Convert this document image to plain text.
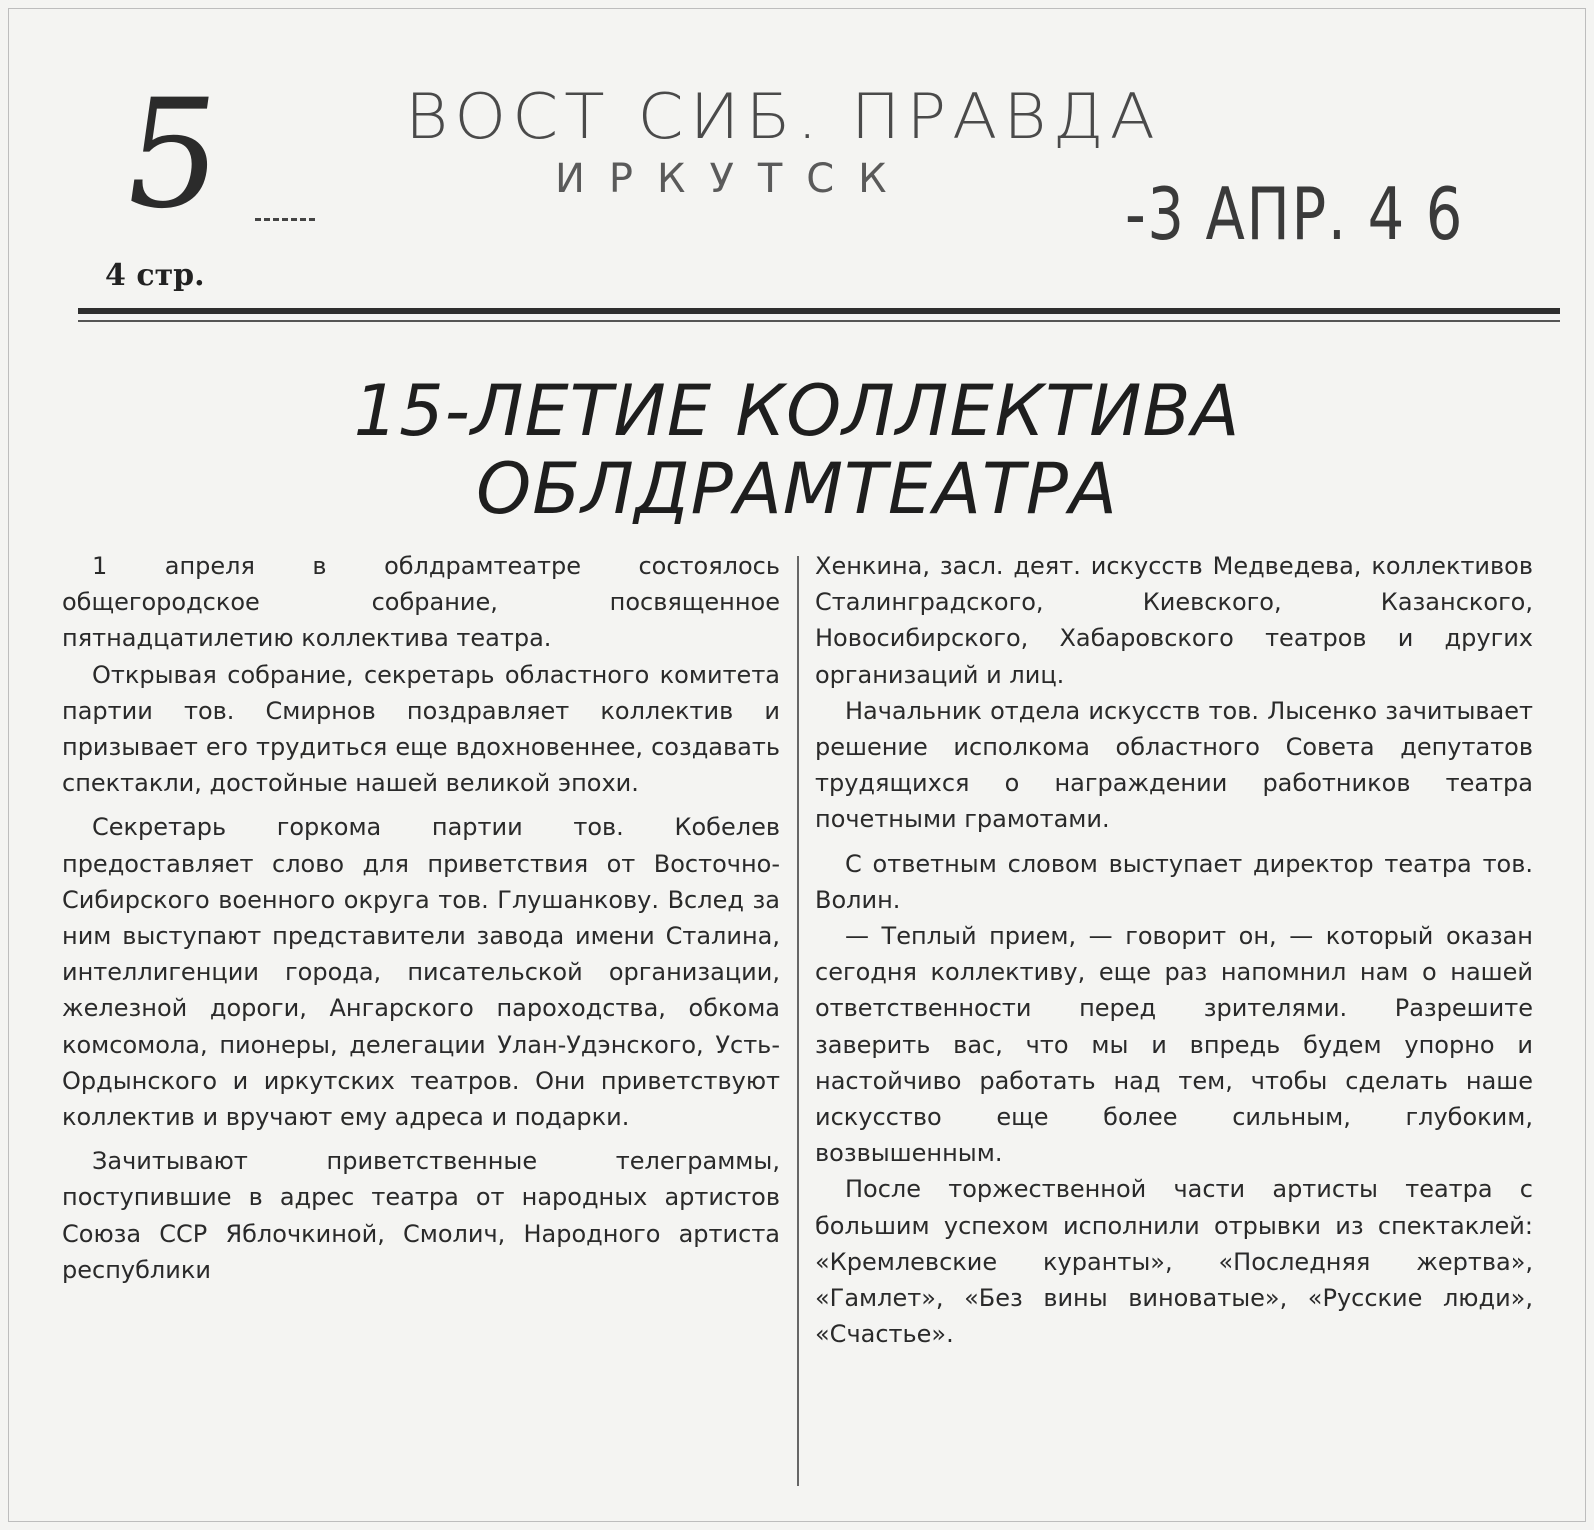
5	ВОСТ СИБ. ПРАВДА
ИРКУТСК	-3 АПР. 4 6
4 стр.
15-ЛЕТИЕ КОЛЛЕКТИВА
ОБЛДРАМТЕАТРА

1 апреля в облдрамтеатре состоялось общегородское собрание, посвященное пятнадцатилетию коллектива театра.

Открывая собрание, секретарь областного комитета партии тов. Смирнов поздравляет коллектив и призывает его трудиться еще вдохновеннее, создавать спектакли, достойные нашей великой эпохи.

Секретарь горкома партии тов. Кобелев предоставляет слово для приветствия от Восточно-Сибирского военного округа тов. Глушанкову. Вслед за ним выступают представители завода имени Сталина, интеллигенции города, писательской организации, железной дороги, Ангарского пароходства, обкома комсомола, пионеры, делегации Улан-Удэнского, Усть-Ордынского и иркутских театров. Они приветствуют коллектив и вручают ему адреса и подарки.

Зачитывают приветственные телеграммы, поступившие в адрес театра от народных артистов Союза ССР Яблочкиной, Смолич, Народного артиста республики

Хенкина, засл. деят. искусств Медведева, коллективов Сталинградского, Киевского, Казанского, Новосибирского, Хабаровского театров и других организаций и лиц.

Начальник отдела искусств тов. Лысенко зачитывает решение исполкома областного Совета депутатов трудящихся о награждении работников театра почетными грамотами.

С ответным словом выступает директор театра тов. Волин.

— Теплый прием, — говорит он, — который оказан сегодня коллективу, еще раз напомнил нам о нашей ответственности перед зрителями. Разрешите заверить вас, что мы и впредь будем упорно и настойчиво работать над тем, чтобы сделать наше искусство еще более сильным, глубоким, возвышенным.

После торжественной части артисты театра с большим успехом исполнили отрывки из спектаклей: «Кремлевские куранты», «Последняя жертва», «Гамлет», «Без вины виноватые», «Русские люди», «Счастье».
